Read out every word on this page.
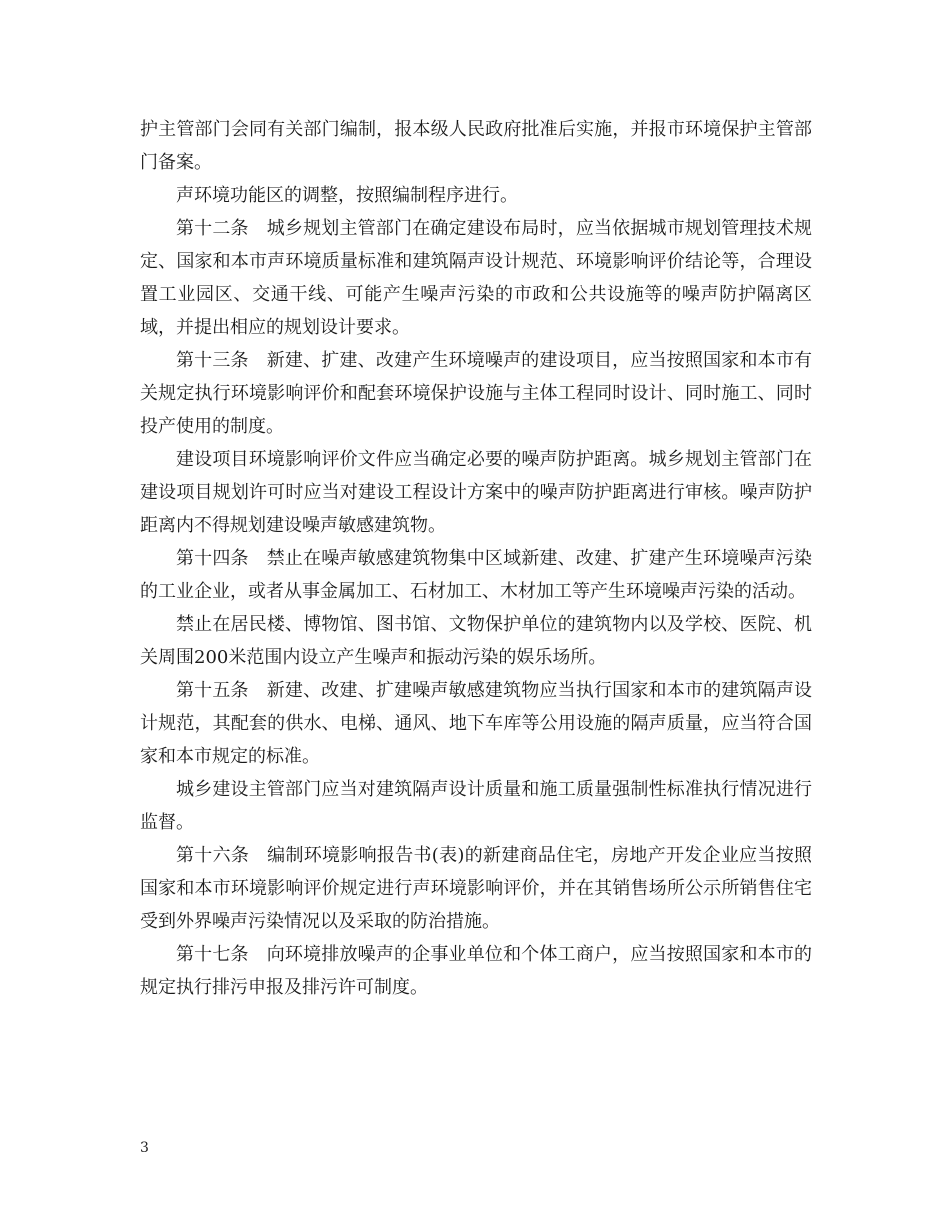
护主管部门会同有关部门编制，报本级人民政府批准后实施，并报市环境保护主管部门备案。

声环境功能区的调整，按照编制程序进行。

第十二条 城乡规划主管部门在确定建设布局时，应当依据城市规划管理技术规定、国家和本市声环境质量标准和建筑隔声设计规范、环境影响评价结论等，合理设置工业园区、交通干线、可能产生噪声污染的市政和公共设施等的噪声防护隔离区域，并提出相应的规划设计要求。

第十三条 新建、扩建、改建产生环境噪声的建设项目，应当按照国家和本市有关规定执行环境影响评价和配套环境保护设施与主体工程同时设计、同时施工、同时投产使用的制度。

建设项目环境影响评价文件应当确定必要的噪声防护距离。城乡规划主管部门在建设项目规划许可时应当对建设工程设计方案中的噪声防护距离进行审核。噪声防护距离内不得规划建设噪声敏感建筑物。

第十四条 禁止在噪声敏感建筑物集中区域新建、改建、扩建产生环境噪声污染的工业企业，或者从事金属加工、石材加工、木材加工等产生环境噪声污染的活动。

禁止在居民楼、博物馆、图书馆、文物保护单位的建筑物内以及学校、医院、机关周围200米范围内设立产生噪声和振动污染的娱乐场所。

第十五条 新建、改建、扩建噪声敏感建筑物应当执行国家和本市的建筑隔声设计规范，其配套的供水、电梯、通风、地下车库等公用设施的隔声质量，应当符合国家和本市规定的标准。

城乡建设主管部门应当对建筑隔声设计质量和施工质量强制性标准执行情况进行监督。

第十六条 编制环境影响报告书(表)的新建商品住宅，房地产开发企业应当按照国家和本市环境影响评价规定进行声环境影响评价，并在其销售场所公示所销售住宅受到外界噪声污染情况以及采取的防治措施。

第十七条 向环境排放噪声的企事业单位和个体工商户，应当按照国家和本市的规定执行排污申报及排污许可制度。

3
